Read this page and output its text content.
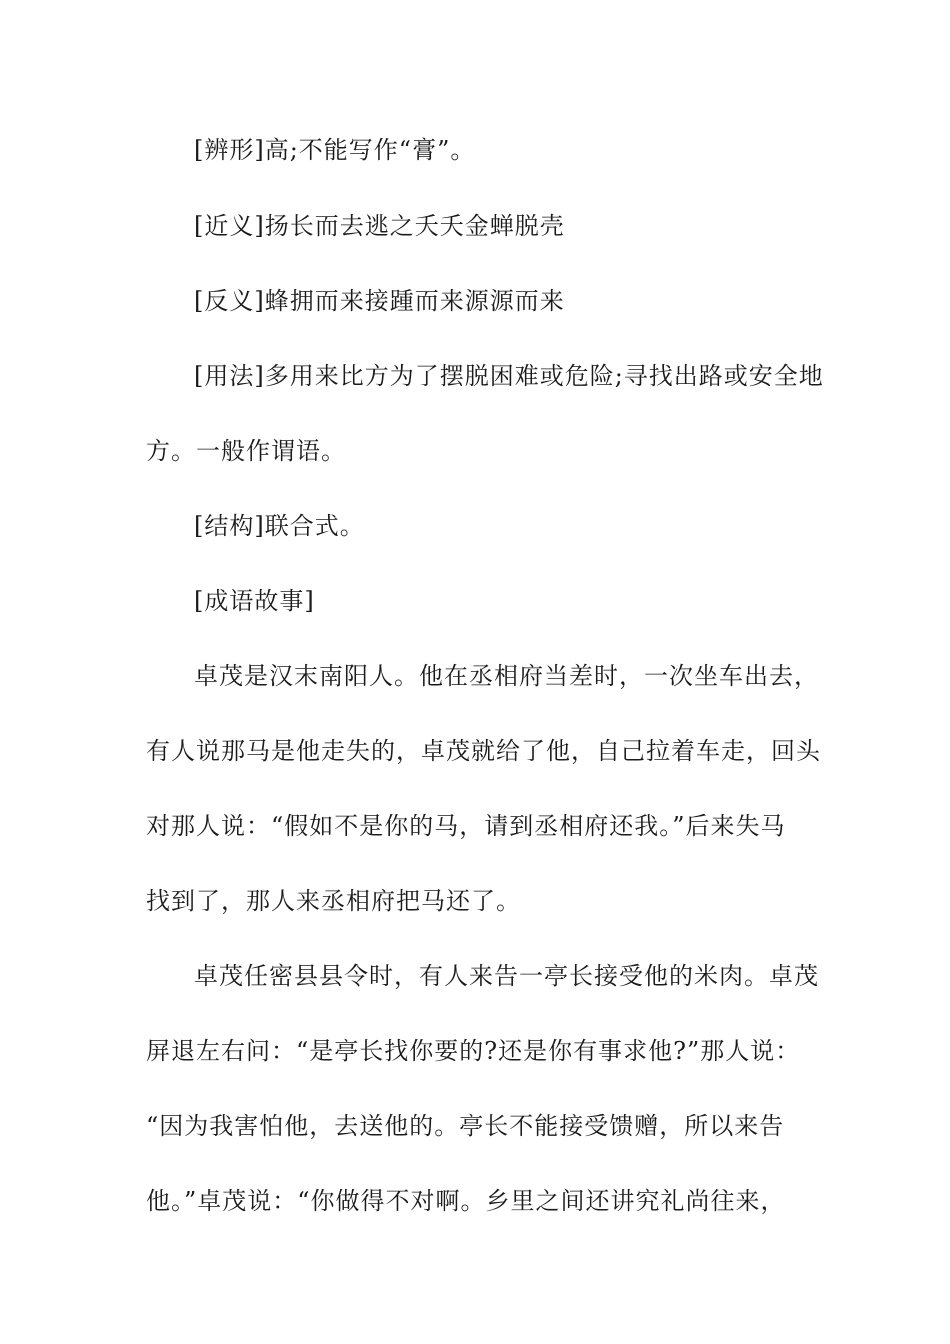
[辨形]高;不能写作“膏”。
[近义]扬长而去逃之夭夭金蝉脱壳
[反义]蜂拥而来接踵而来源源而来
[用法]多用来比方为了摆脱困难或危险;寻找出路或安全地
方。一般作谓语。
[结构]联合式。
[成语故事]
卓茂是汉末南阳人。他在丞相府当差时，一次坐车出去，
有人说那马是他走失的，卓茂就给了他，自己拉着车走，回头
对那人说：“假如不是你的马，请到丞相府还我。”后来失马
找到了，那人来丞相府把马还了。
卓茂任密县县令时，有人来告一亭长接受他的米肉。卓茂
屏退左右问：“是亭长找你要的?还是你有事求他?”那人说：
“因为我害怕他，去送他的。亭长不能接受馈赠，所以来告
他。”卓茂说：“你做得不对啊。乡里之间还讲究礼尚往来，
